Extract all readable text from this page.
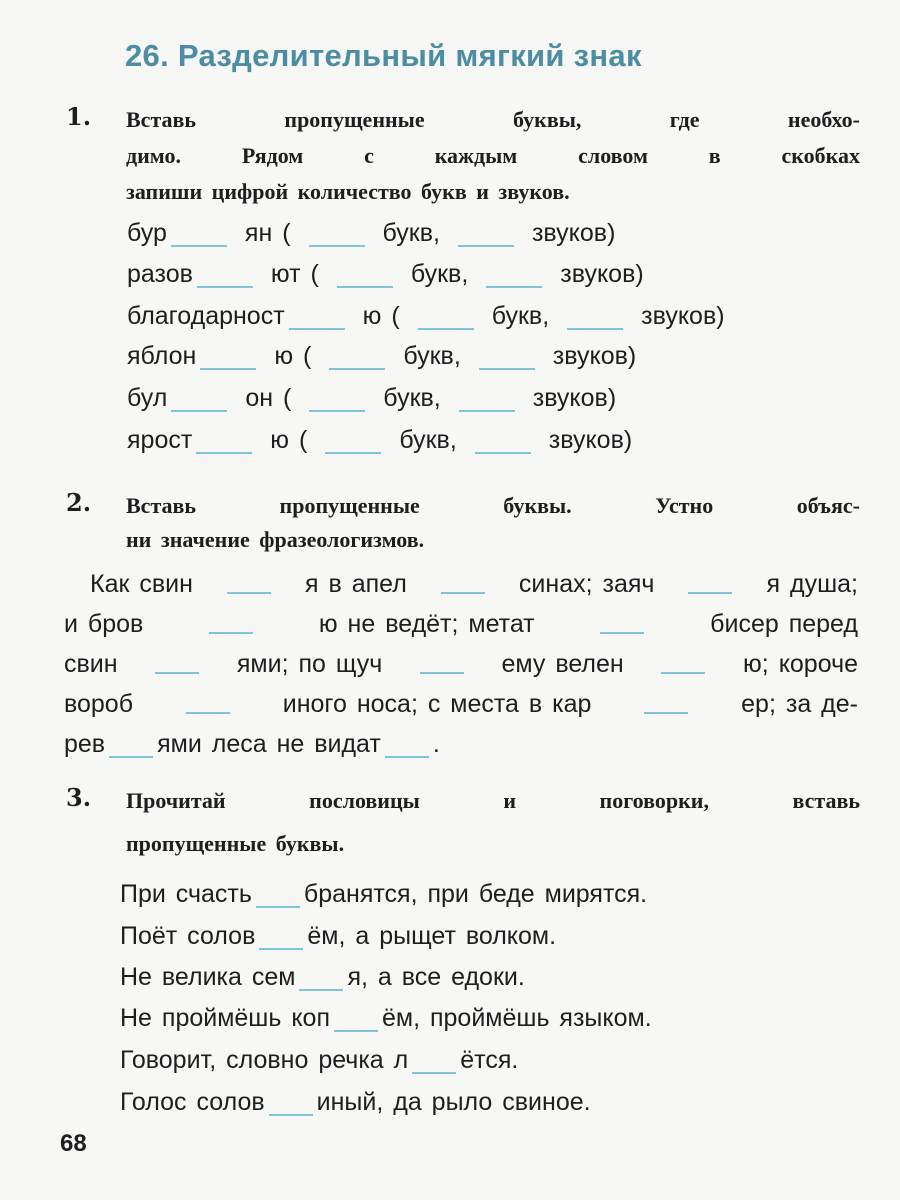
26. Разделительный мягкий знак
1. Вставь пропущенные буквы, где необхо-
димо. Рядом с каждым словом в скобках
запиши цифрой количество букв и звуков.
бур	ян (	букв,	звуков)
разов	ют (	букв,	звуков)
благодарност	ю (	букв,	звуков)
яблон	ю (	букв,	звуков)
бул	он (	букв,	звуков)
ярост	ю (	букв,	звуков)
2. Вставь пропущенные буквы. Устно объяс-
ни значение фразеологизмов.
Как свин	я в апел	синах; заяч	я душа;
и бров	ю не ведёт; метат	бисер перед
свин	ями; по щуч	ему велен	ю; короче
вороб	иного носа; с места в кар	ер; за де-
рев ями леса не видат .
3. Прочитай пословицы и поговорки, вставь
пропущенные буквы.
При счасть бранятся, при беде мирятся.
Поёт солов ём, а рыщет волком.
Не велика сем я, а все едоки.
Не проймёшь коп ём, проймёшь языком.
Говорит, словно речка л ётся.
Голос солов иный, да рыло свиное.
68
